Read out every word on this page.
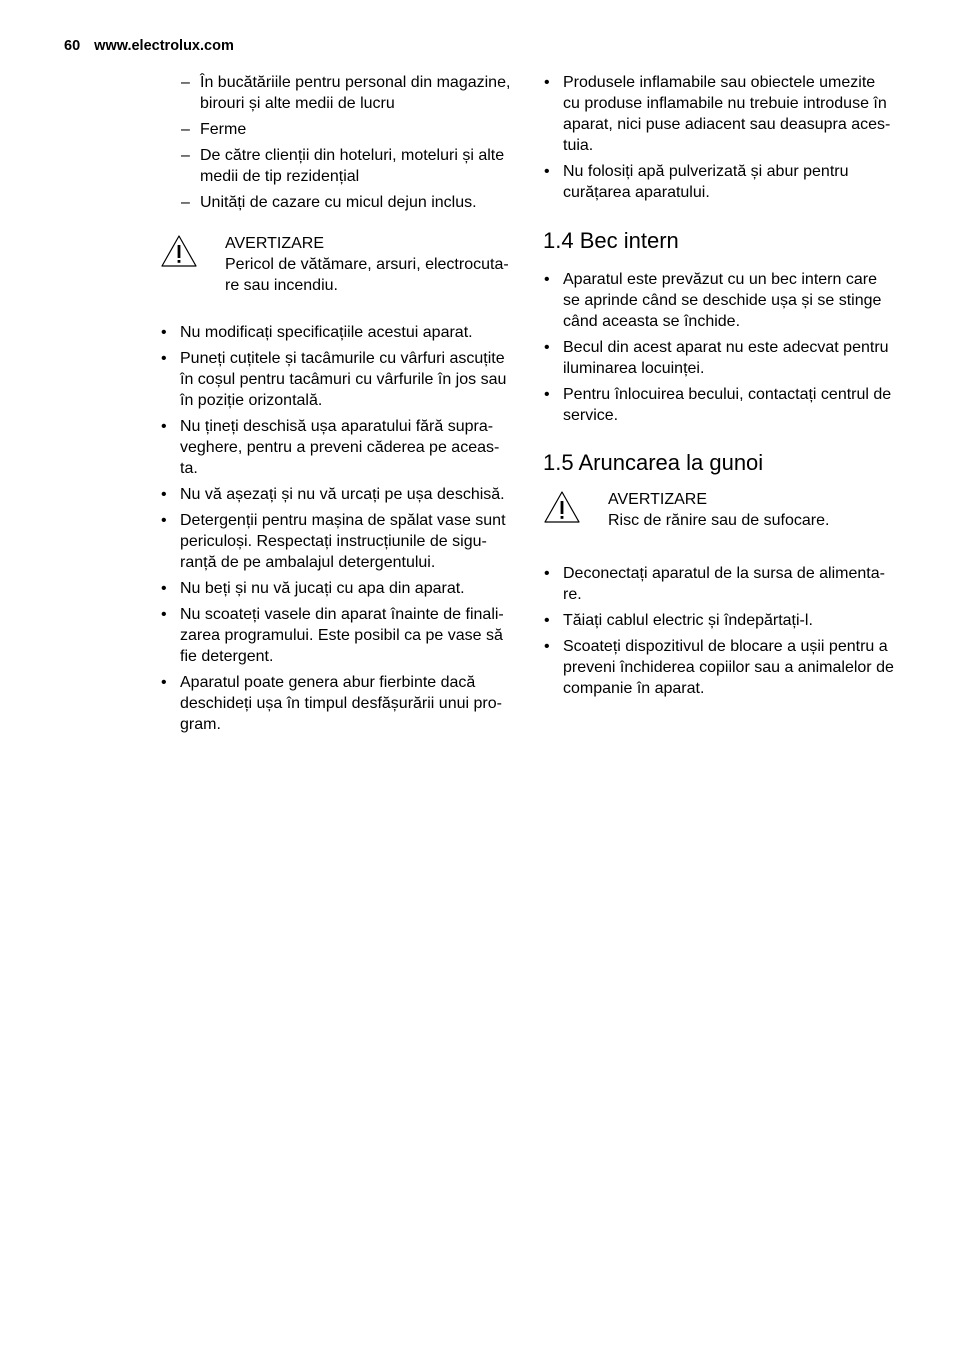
60 www.electrolux.com
– În bucătăriile pentru personal din magazine, birouri și alte medii de lucru
– Ferme
– De către clienții din hoteluri, moteluri și alte medii de tip rezidențial
– Unități de cazare cu micul dejun inclus.
AVERTIZARE
Pericol de vătămare, arsuri, electrocuta-re sau incendiu.
• Nu modificați specificațiile acestui aparat.
• Puneți cuțitele și tacâmurile cu vârfuri ascuțite în coșul pentru tacâmuri cu vârfurile în jos sau în poziție orizontală.
• Nu țineți deschisă ușa aparatului fără supra-veghere, pentru a preveni căderea pe aceas-ta.
• Nu vă așezați și nu vă urcați pe ușa deschisă.
• Detergenții pentru mașina de spălat vase sunt periculoși. Respectați instrucțiunile de sigu-ranță de pe ambalajul detergentului.
• Nu beți și nu vă jucați cu apa din aparat.
• Nu scoateți vasele din aparat înainte de finali-zarea programului. Este posibil ca pe vase să fie detergent.
• Aparatul poate genera abur fierbinte dacă deschideți ușa în timpul desfășurării unui pro-gram.
• Produsele inflamabile sau obiectele umezite cu produse inflamabile nu trebuie introduse în aparat, nici puse adiacent sau deasupra aces-tuia.
• Nu folosiți apă pulverizată și abur pentru curățarea aparatului.
1.4 Bec intern
• Aparatul este prevăzut cu un bec intern care se aprinde când se deschide ușa și se stinge când aceasta se închide.
• Becul din acest aparat nu este adecvat pentru iluminarea locuinței.
• Pentru înlocuirea becului, contactați centrul de service.
1.5 Aruncarea la gunoi
AVERTIZARE
Risc de rănire sau de sufocare.
• Deconectați aparatul de la sursa de alimenta-re.
• Tăiați cablul electric și îndepărtați-l.
• Scoateți dispozitivul de blocare a ușii pentru a preveni închiderea copiilor sau a animalelor de companie în aparat.
